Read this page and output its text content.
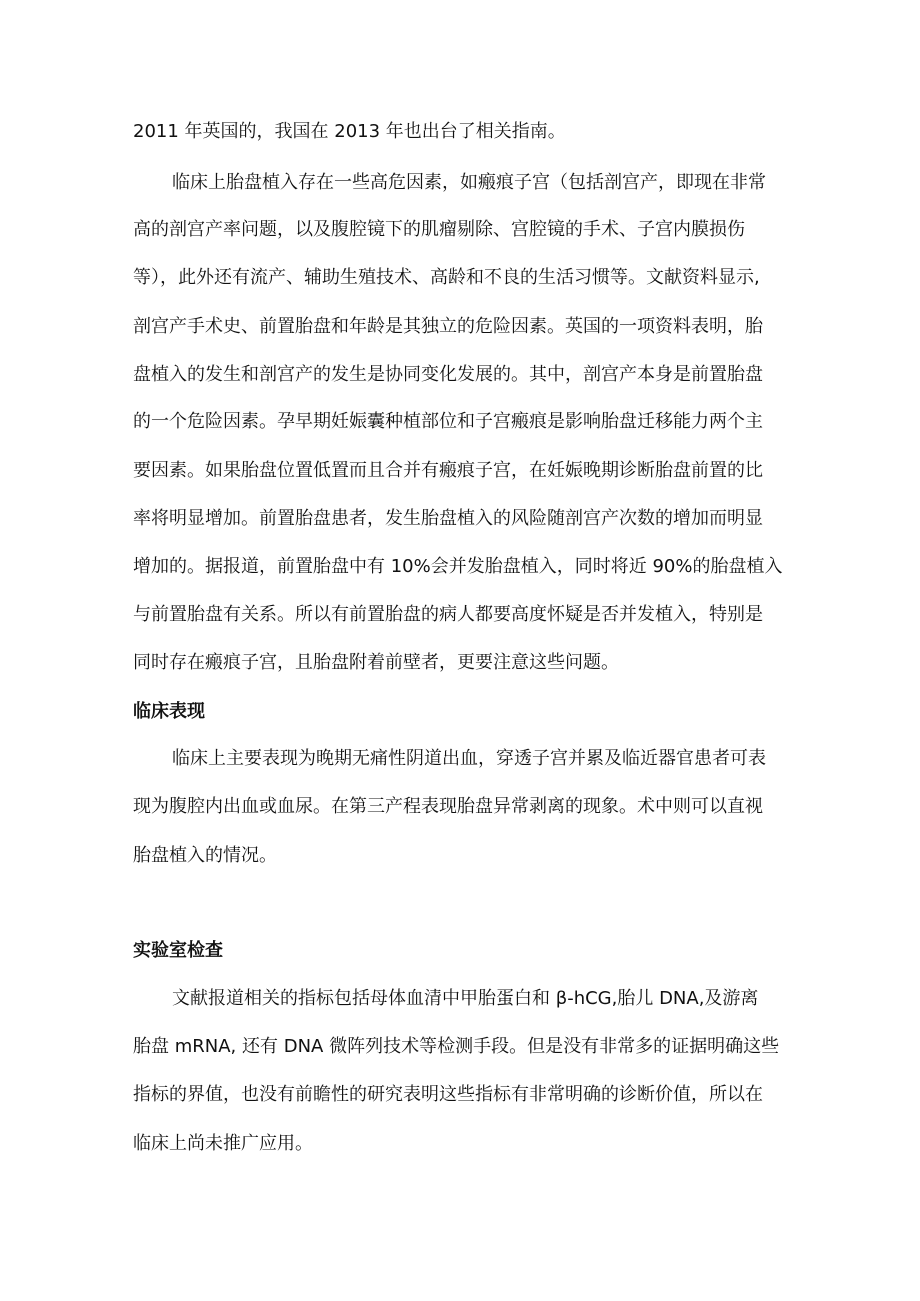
2011 年英国的，我国在 2013 年也出台了相关指南。
临床上胎盘植入存在一些高危因素，如瘢痕子宫（包括剖宫产，即现在非常
高的剖宫产率问题，以及腹腔镜下的肌瘤剔除、宫腔镜的手术、子宫内膜损伤
等），此外还有流产、辅助生殖技术、高龄和不良的生活习惯等。文献资料显示,
剖宫产手术史、前置胎盘和年龄是其独立的危险因素。英国的一项资料表明，胎
盘植入的发生和剖宫产的发生是协同变化发展的。其中，剖宫产本身是前置胎盘
的一个危险因素。孕早期妊娠囊种植部位和子宫瘢痕是影响胎盘迁移能力两个主
要因素。如果胎盘位置低置而且合并有瘢痕子宫，在妊娠晚期诊断胎盘前置的比
率将明显增加。前置胎盘患者，发生胎盘植入的风险随剖宫产次数的增加而明显
增加的。据报道，前置胎盘中有 10%会并发胎盘植入，同时将近 90%的胎盘植入
与前置胎盘有关系。所以有前置胎盘的病人都要高度怀疑是否并发植入，特别是
同时存在瘢痕子宫，且胎盘附着前壁者，更要注意这些问题。
临床表现
临床上主要表现为晚期无痛性阴道出血，穿透子宫并累及临近器官患者可表
现为腹腔内出血或血尿。在第三产程表现胎盘异常剥离的现象。术中则可以直视
胎盘植入的情况。
实验室检查
文献报道相关的指标包括母体血清中甲胎蛋白和 β-hCG,胎儿 DNA,及游离
胎盘 mRNA, 还有 DNA 微阵列技术等检测手段。但是没有非常多的证据明确这些
指标的界值，也没有前瞻性的研究表明这些指标有非常明确的诊断价值，所以在
临床上尚未推广应用。
